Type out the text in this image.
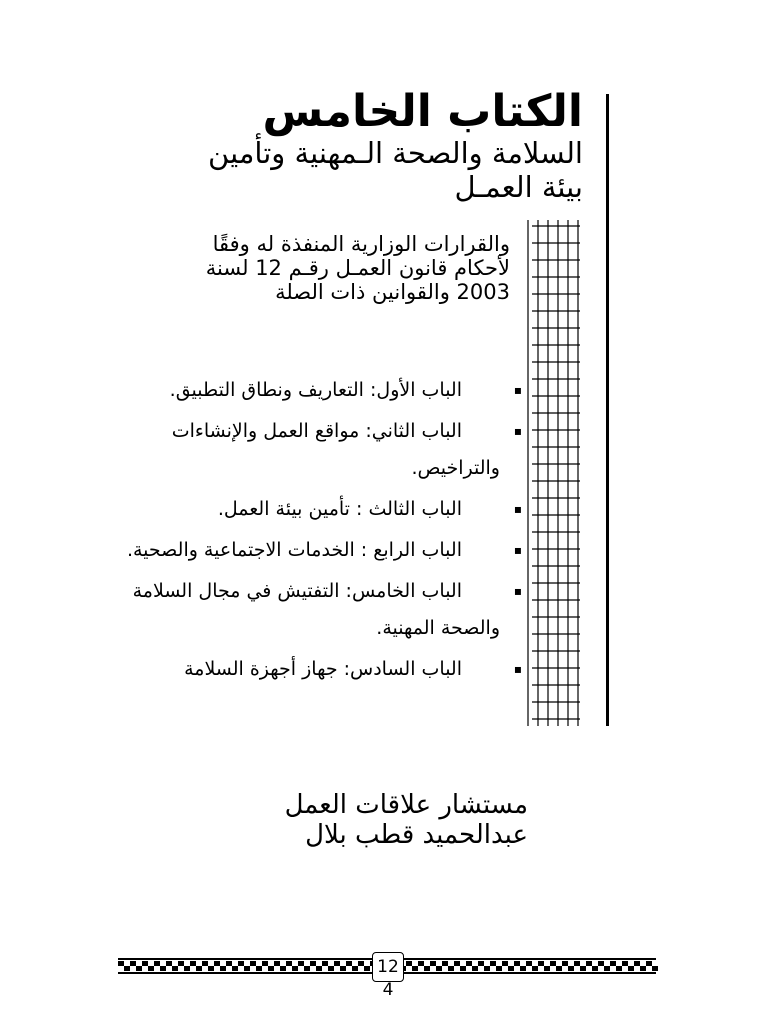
الكتاب الخامس
السلامة والصحة الـمهنية وتأمين بيئة العمـل
والقرارات الوزارية المنفذة له وفقًا لأحكام قانون العمـل رقـم 12 لسنة 2003 والقوانين ذات الصلة
▪
الباب الأول: التعاريف ونطاق التطبيق.
▪
الباب الثاني: مواقع العمل والإنشاءات والتراخيص.
▪
الباب الثالث : تأمين بيئة العمل.
▪
الباب الرابع : الخدمات الاجتماعية والصحية.
▪
الباب الخامس: التفتيش في مجال السلامة والصحة المهنية.
▪
الباب السادس: جهاز أجهزة السلامة
مستشار علاقات العمل
عبدالحميد قطب بلال
12
4
